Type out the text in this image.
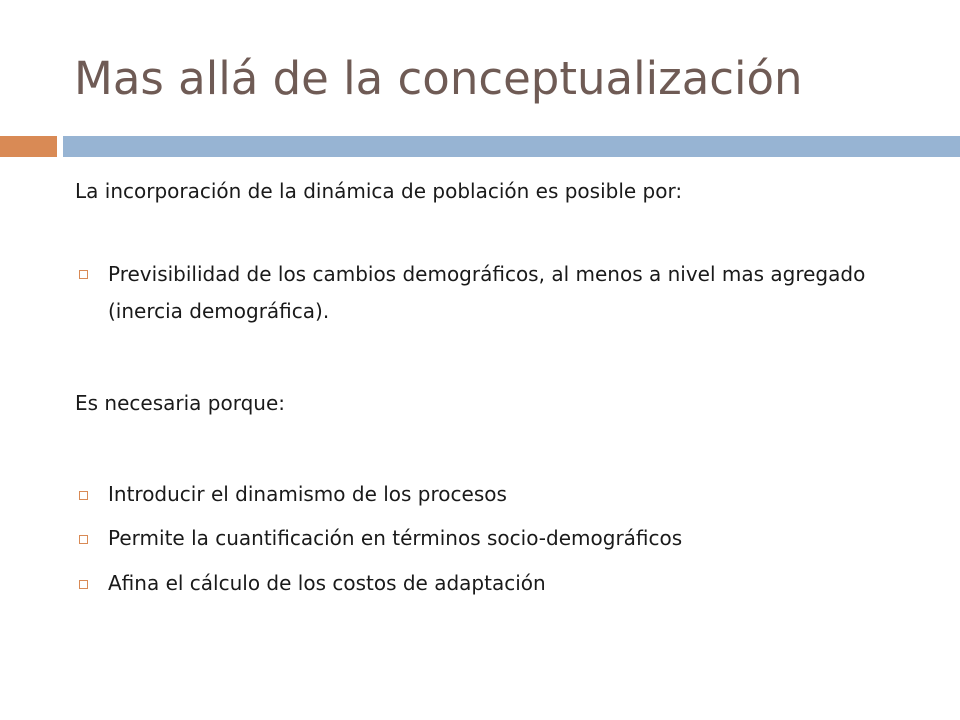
Mas allá de la conceptualización

La incorporación de la dinámica de población es posible por:

Previsibilidad de los cambios demográficos, al menos a nivel mas agregado (inercia demográfica).

Es necesaria porque:

Introducir el dinamismo de los procesos
Permite la cuantificación en términos socio-demográficos
Afina el cálculo de los costos de adaptación
